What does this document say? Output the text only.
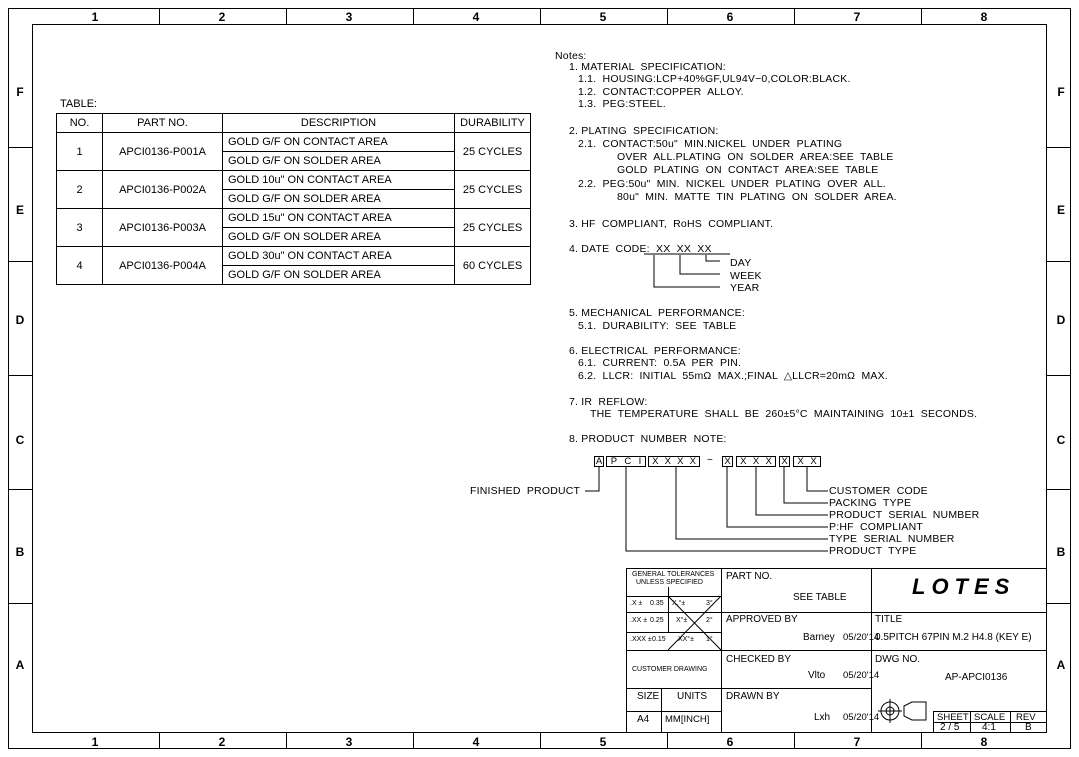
1	2	3	4	5	6	7	8
1	2	3	4	5	6	7	8
F
E
D
C
B
A
F
E
D
C
B
A
TABLE:
NO.	PART NO.	DESCRIPTION	DURABILITY
1	APCI0136-P001A	GOLD G/F ON CONTACT AREA	25 CYCLES
		GOLD G/F ON SOLDER AREA	
2	APCI0136-P002A	GOLD 10u" ON CONTACT AREA	25 CYCLES
		GOLD G/F ON SOLDER AREA	
3	APCI0136-P003A	GOLD 15u" ON CONTACT AREA	25 CYCLES
		GOLD G/F ON SOLDER AREA	
4	APCI0136-P004A	GOLD 30u" ON CONTACT AREA	60 CYCLES
		GOLD G/F ON SOLDER AREA	
Notes:
1. MATERIAL  SPECIFICATION:
1.1.  HOUSING:LCP+40%GF,UL94V−0,COLOR:BLACK.
1.2.  CONTACT:COPPER  ALLOY.
1.3.  PEG:STEEL.
2. PLATING  SPECIFICATION:
2.1.  CONTACT:50u"  MIN.NICKEL  UNDER  PLATING
OVER  ALL.PLATING  ON  SOLDER  AREA:SEE  TABLE
GOLD  PLATING  ON  CONTACT  AREA:SEE  TABLE
2.2.  PEG:50u"  MIN.  NICKEL  UNDER  PLATING  OVER  ALL.
80u"  MIN.  MATTE  TIN  PLATING  ON  SOLDER  AREA.
3. HF  COMPLIANT,  RoHS  COMPLIANT.
4. DATE  CODE:  XX  XX  XX
DAY
WEEK
YEAR
5. MECHANICAL  PERFORMANCE:
5.1.  DURABILITY:  SEE  TABLE
6. ELECTRICAL  PERFORMANCE:
6.1.  CURRENT:  0.5A  PER  PIN.
6.2.  LLCR:  INITIAL  55mΩ  MAX.;FINAL  △LLCR=20mΩ  MAX.
7. IR  REFLOW:
THE  TEMPERATURE  SHALL  BE  260±5°C  MAINTAINING  10±1  SECONDS.
8. PRODUCT  NUMBER  NOTE:
A P C I X X X X − X X X X X X X
FINISHED  PRODUCT	CUSTOMER  CODE
PACKING  TYPE
PRODUCT  SERIAL  NUMBER
P:HF  COMPLIANT
TYPE  SERIAL  NUMBER
PRODUCT  TYPE
GENERAL TOLERANCES
UNLESS SPECIFIED
.X ± 0.35 X.°±	3°
.XX ± 0.25 X°±	2°
.XXX ± 0.15 .XX°± 1°
CUSTOMER DRAWING
SIZE
A4
UNITS
MM[INCH]
PART NO.
SEE TABLE
APPROVED BY
Barney 05/20'14
CHECKED BY
Vlto 05/20'14
DRAWN BY
Lxh 05/20'14
LOTES
TITLE
0.5PITCH 67PIN M.2 H4.8 (KEY E)
DWG NO.
AP-APCI0136
SHEET
2 / 5
SCALE
4:1
REV
B
